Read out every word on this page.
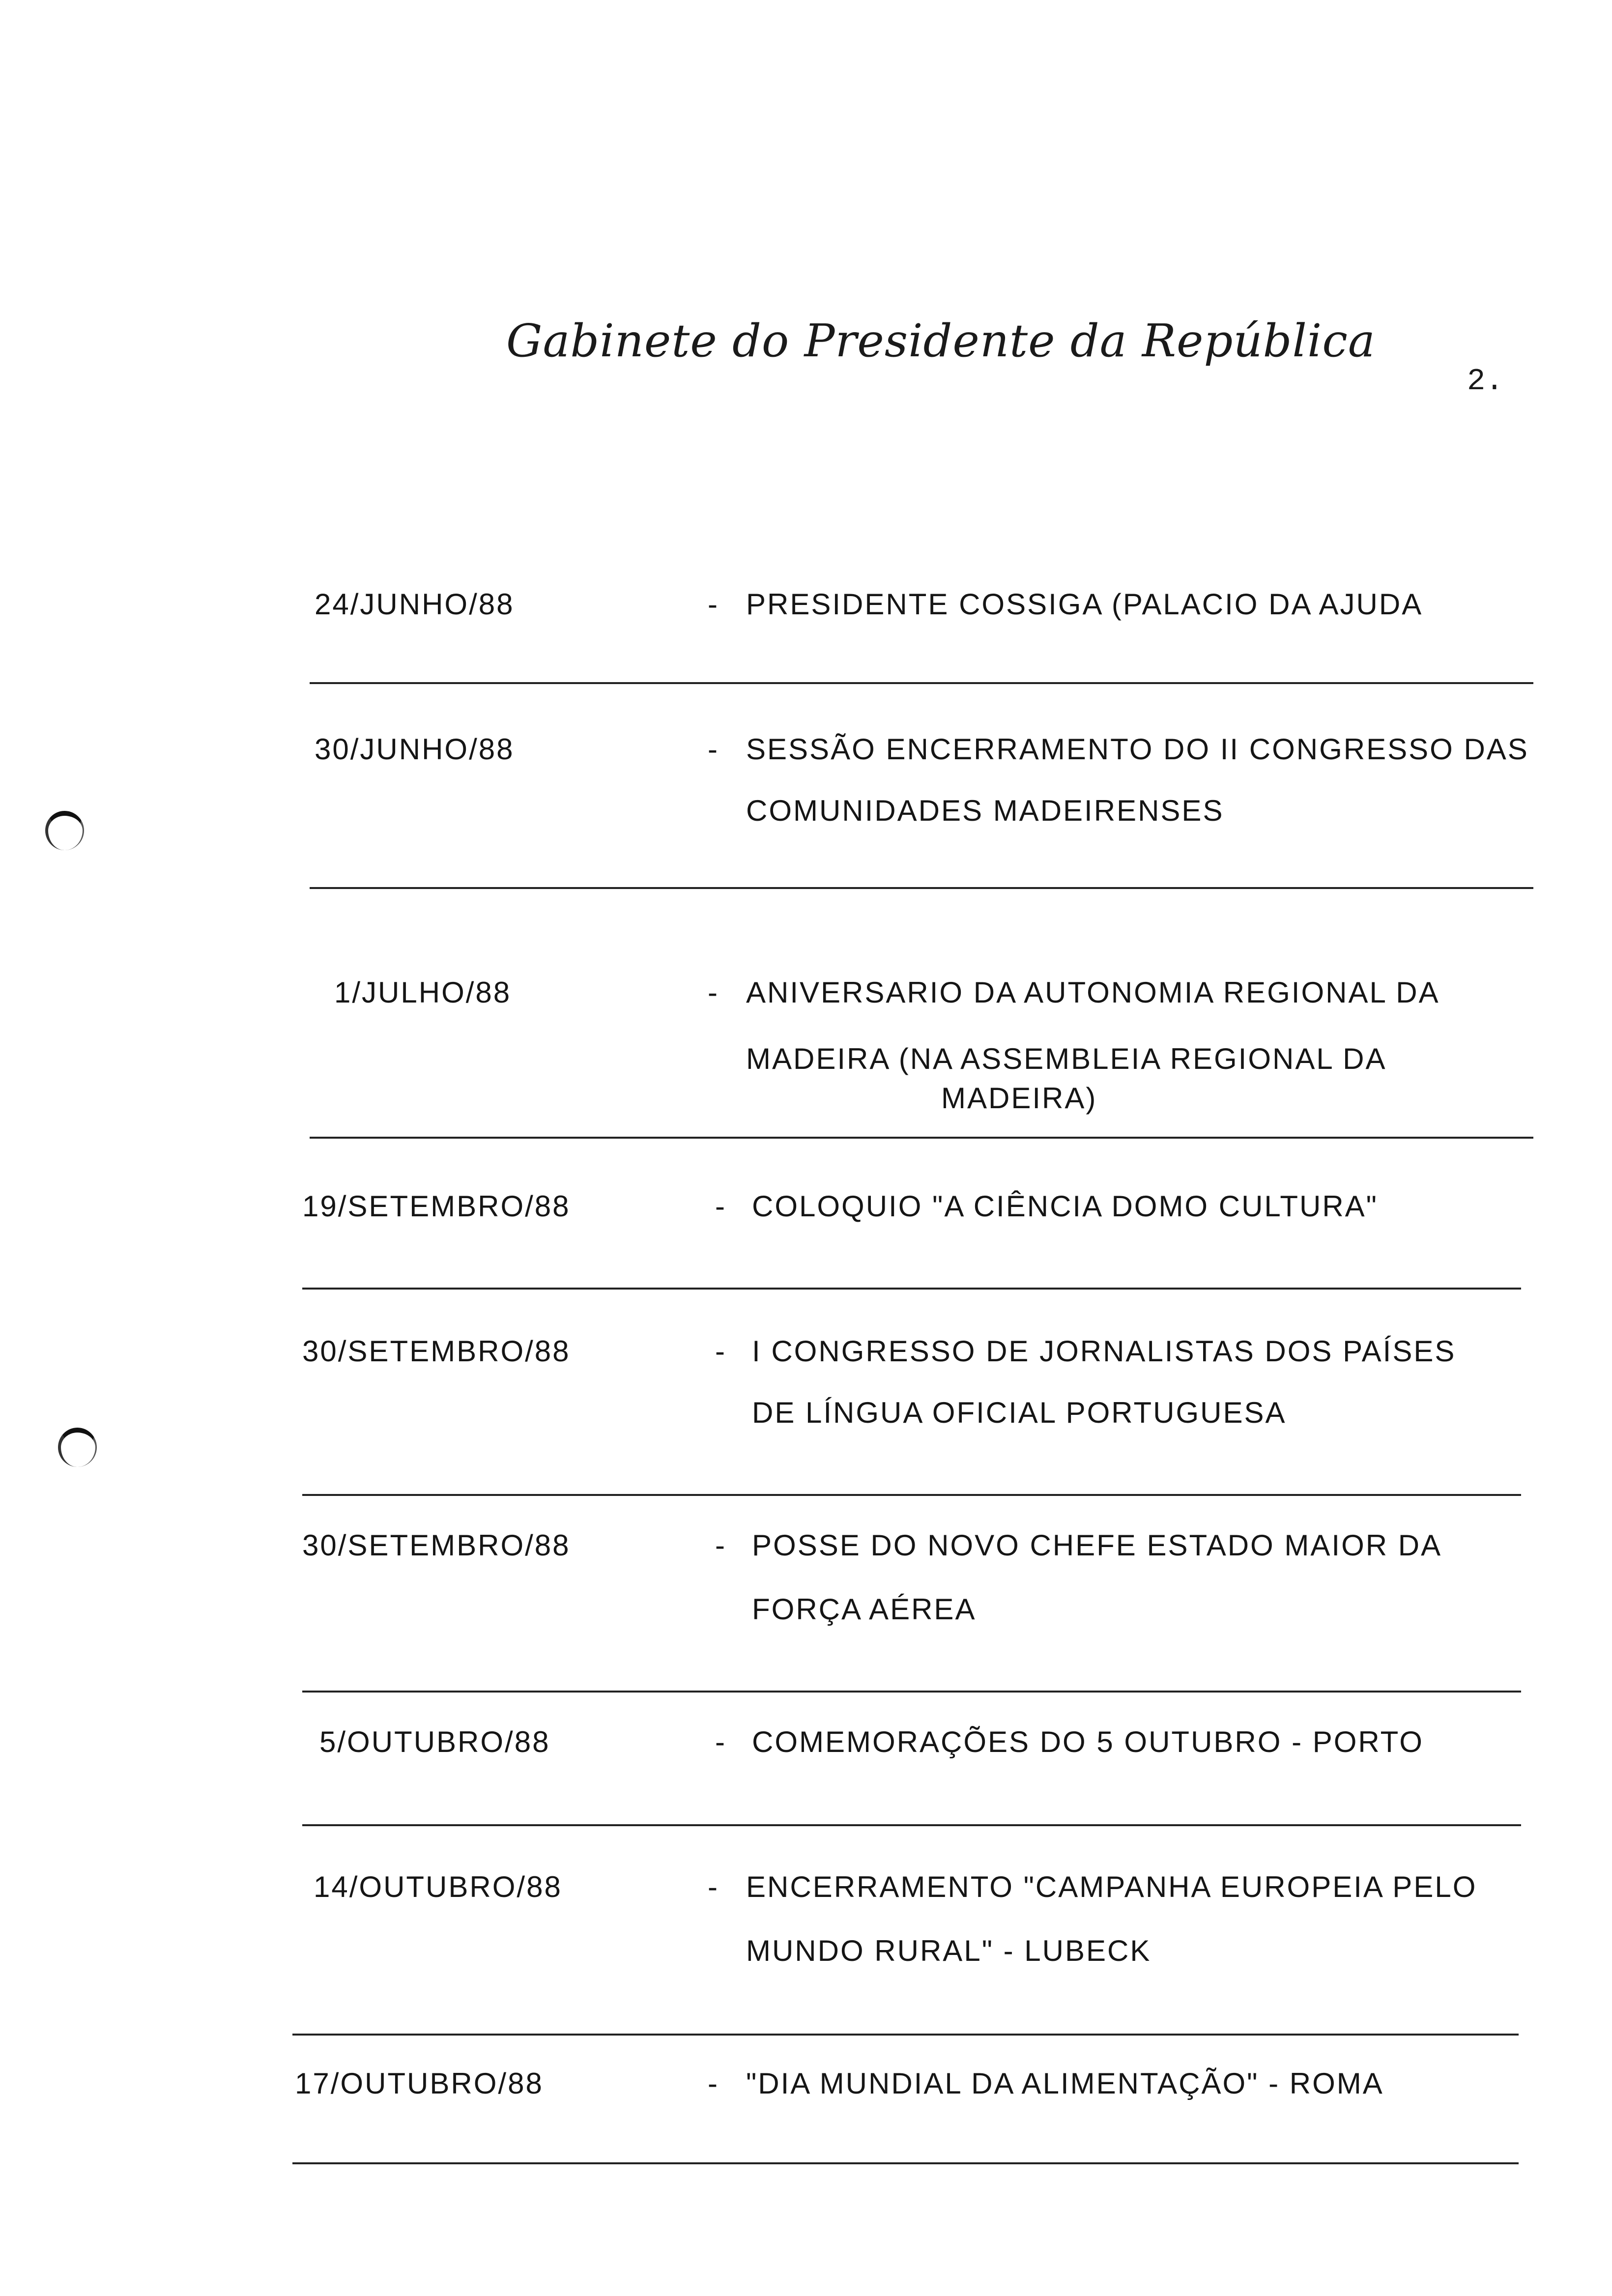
Gabinete do Presidente da República
2.
24/JUNHO/88	- PRESIDENTE COSSIGA (PALACIO DA AJUDA
30/JUNHO/88	- SESSÃO ENCERRAMENTO DO II CONGRESSO DAS
COMUNIDADES MADEIRENSES
1/JULHO/88	- ANIVERSARIO DA AUTONOMIA REGIONAL DA
MADEIRA (NA ASSEMBLEIA REGIONAL DA
MADEIRA)
19/SETEMBRO/88	- COLOQUIO "A CIÊNCIA DOMO CULTURA"
30/SETEMBRO/88	- I CONGRESSO DE JORNALISTAS DOS PAÍSES
DE LÍNGUA OFICIAL PORTUGUESA
30/SETEMBRO/88	- POSSE DO NOVO CHEFE ESTADO MAIOR DA
FORÇA AÉREA
5/OUTUBRO/88	- COMEMORAÇÕES DO 5 OUTUBRO - PORTO
14/OUTUBRO/88	- ENCERRAMENTO "CAMPANHA EUROPEIA PELO
MUNDO RURAL" - LUBECK
17/OUTUBRO/88	- "DIA MUNDIAL DA ALIMENTAÇÃO" - ROMA
